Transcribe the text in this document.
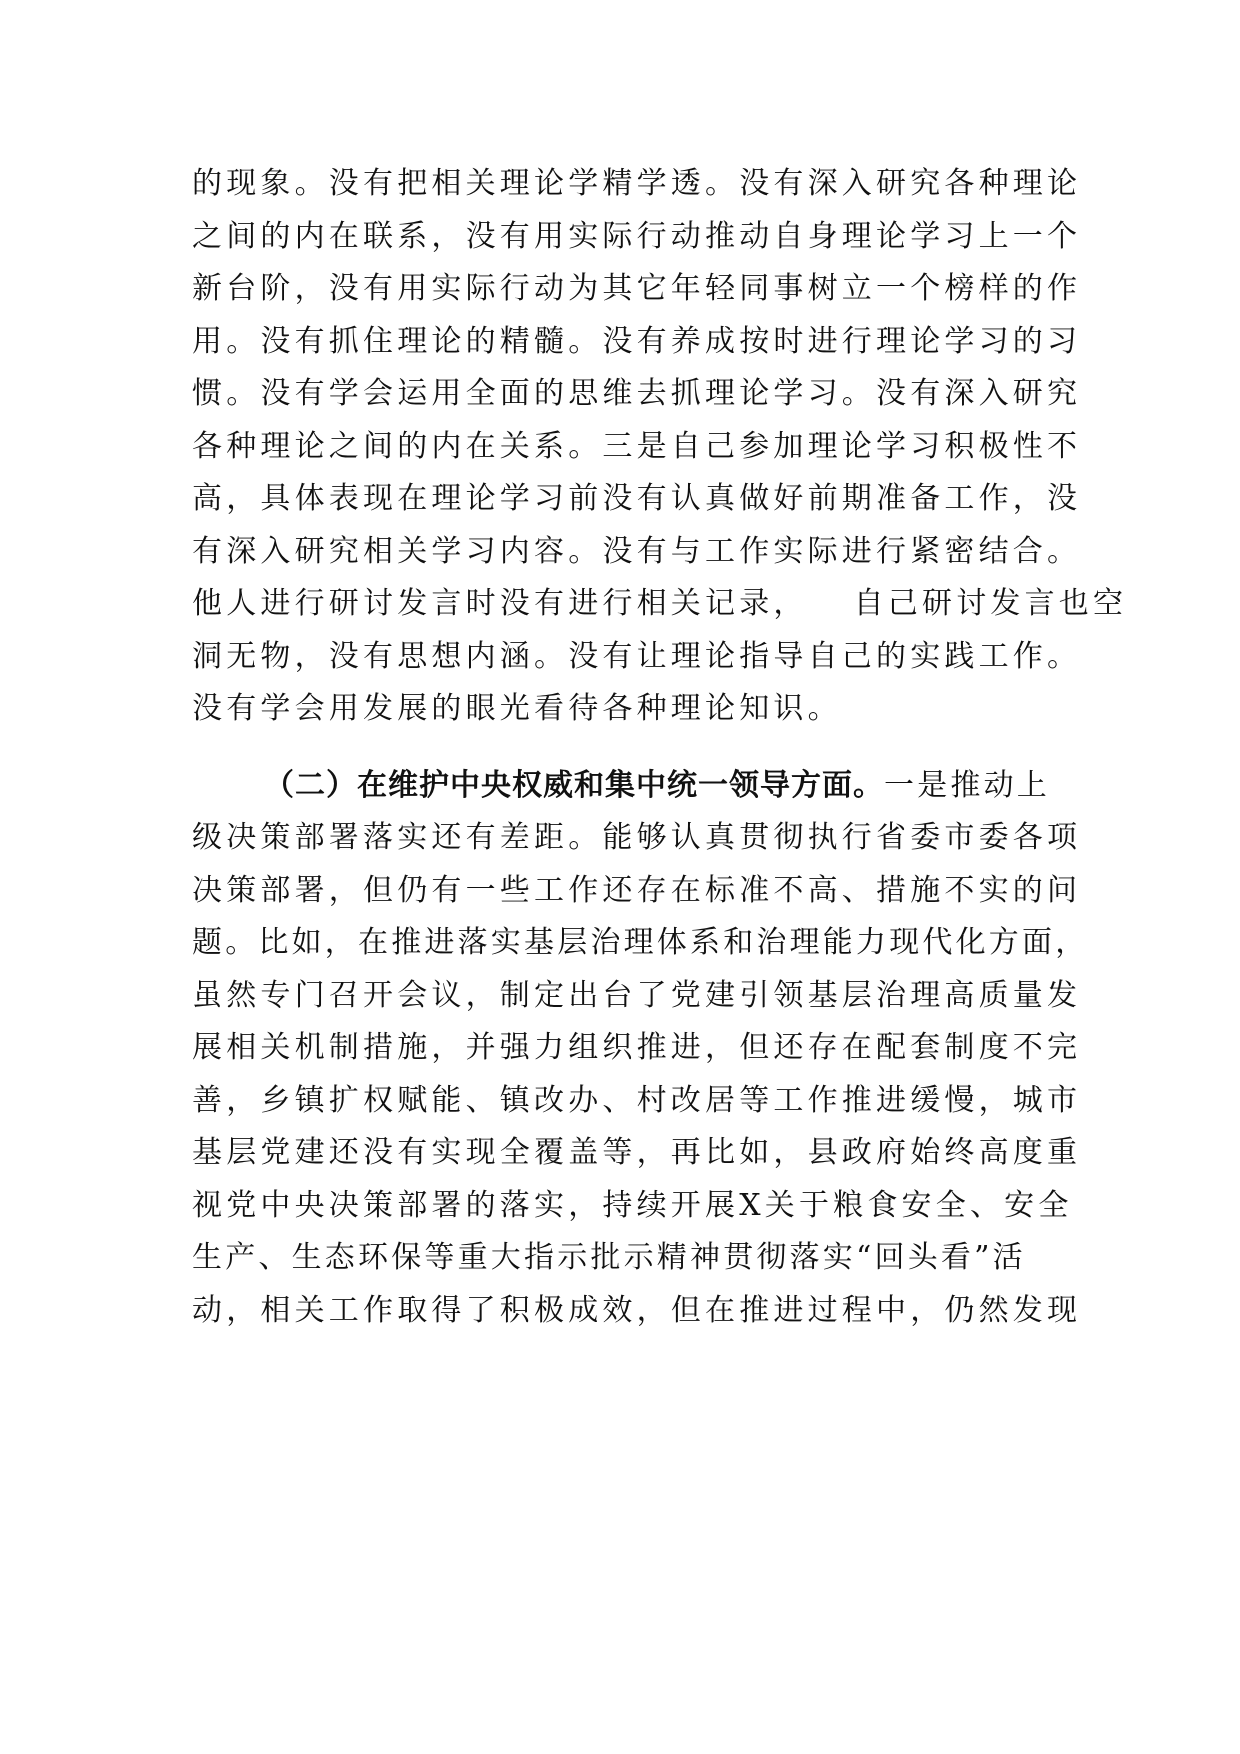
的现象。没有把相关理论学精学透。没有深入研究各种理论
之间的内在联系，没有用实际行动推动自身理论学习上一个
新台阶，没有用实际行动为其它年轻同事树立一个榜样的作
用。没有抓住理论的精髓。没有养成按时进行理论学习的习
惯。没有学会运用全面的思维去抓理论学习。没有深入研究
各种理论之间的内在关系。三是自己参加理论学习积极性不
高，具体表现在理论学习前没有认真做好前期准备工作，没
有深入研究相关学习内容。没有与工作实际进行紧密结合。
他人进行研讨发言时没有进行相关记录， 自己研讨发言也空
洞无物，没有思想内涵。没有让理论指导自己的实践工作。
没有学会用发展的眼光看待各种理论知识。
（二）在维护中央权威和集中统一领导方面。一是推动上
级决策部署落实还有差距。能够认真贯彻执行省委市委各项
决策部署，但仍有一些工作还存在标准不高、措施不实的问
题。比如，在推进落实基层治理体系和治理能力现代化方面，
虽然专门召开会议，制定出台了党建引领基层治理高质量发
展相关机制措施，并强力组织推进，但还存在配套制度不完
善，乡镇扩权赋能、镇改办、村改居等工作推进缓慢，城市
基层党建还没有实现全覆盖等，再比如，县政府始终高度重
视党中央决策部署的落实，持续开展X关于粮食安全、安全
生产、生态环保等重大指示批示精神贯彻落实“回头看”活
动，相关工作取得了积极成效，但在推进过程中，仍然发现
